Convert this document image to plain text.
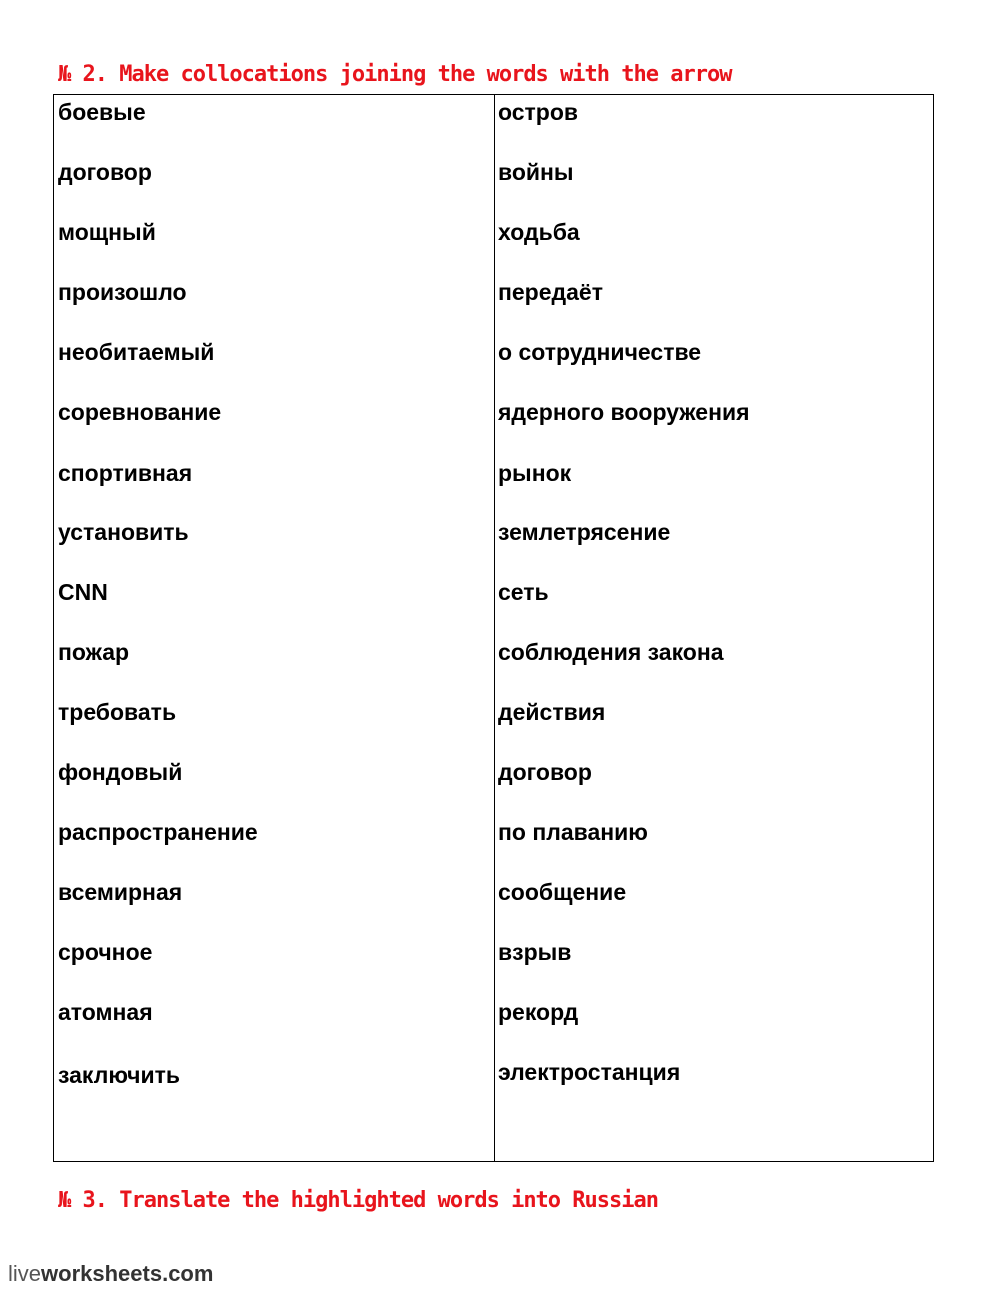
№ 2. Make collocations joining the words with the arrow
боевые
договор
мощный
произошло
необитаемый
соревнование
спортивная
установить
CNN
пожар
требовать
фондовый
распространение
всемирная
срочное
атомная
заключить
остров
войны
ходьба
передаёт
о сотрудничестве
ядерного вооружения
рынок
землетрясение
сеть
соблюдения закона
действия
договор
по плаванию
сообщение
взрыв
рекорд
электростанция
№ 3. Translate the highlighted words into Russian
liveworksheets.com
